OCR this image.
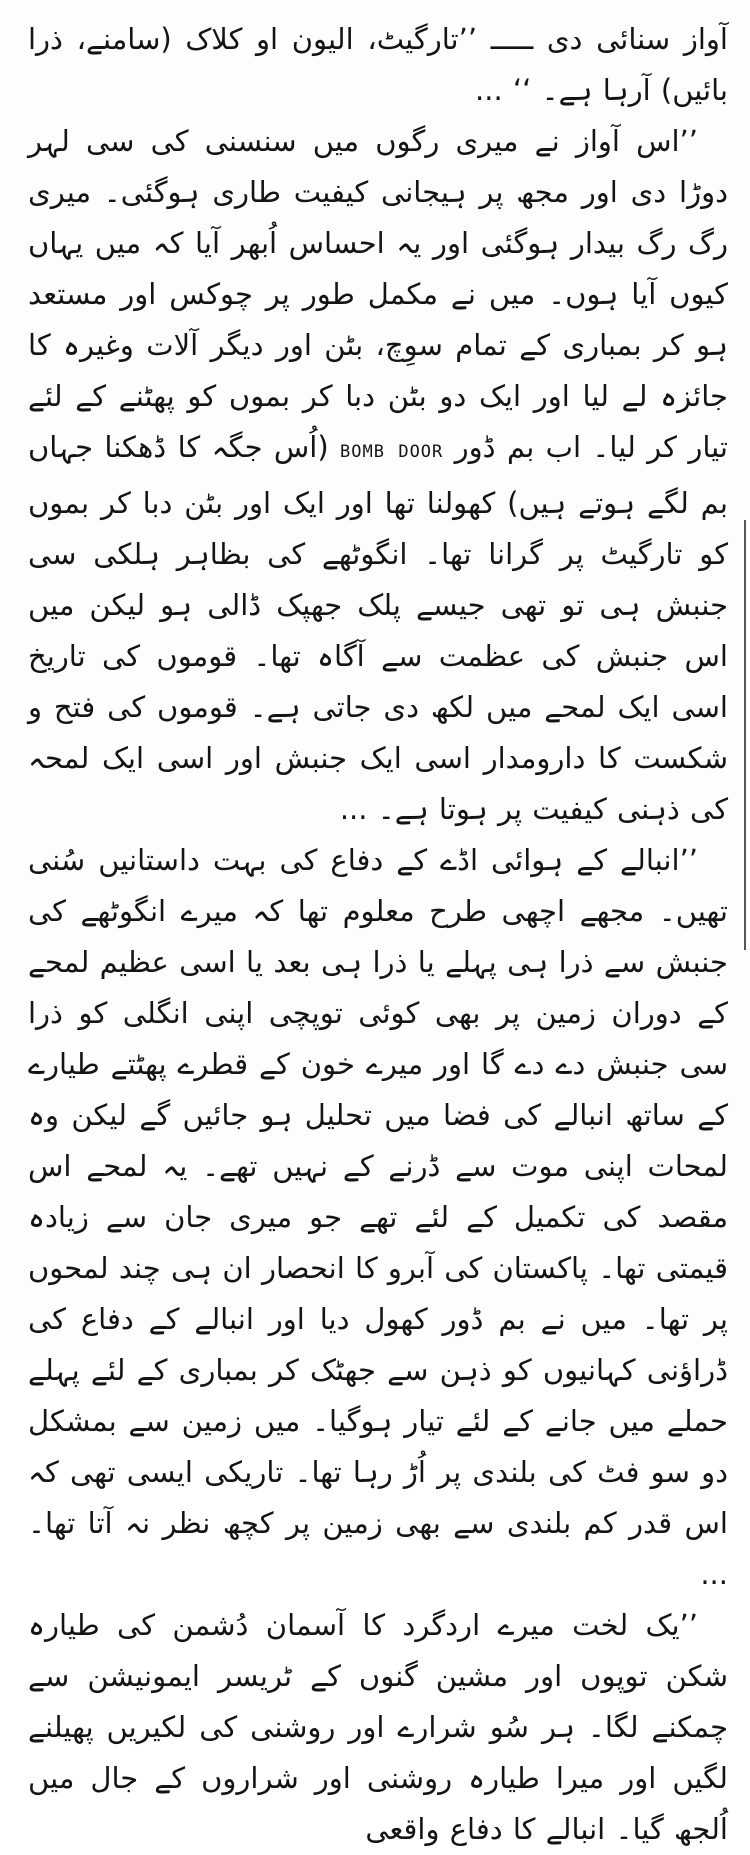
آواز سنائی دی ـــــ ’’تارگیٹ، الیون او کلاک (سامنے، ذرا بائیں) آرہا ہے۔ ‘‘ ...

’’اس آواز نے میری رگوں میں سنسنی کی سی لہر دوڑا دی اور مجھ پر ہیجانی کیفیت طاری ہوگئی۔ میری رگ رگ بیدار ہوگئی اور یہ احساس اُبھر آیا کہ میں یہاں کیوں آیا ہوں۔ میں نے مکمل طور پر چوکس اور مستعد ہو کر بمباری کے تمام سوِچ، بٹن اور دیگر آلات وغیرہ کا جائزہ لے لیا اور ایک دو بٹن دبا کر بموں کو پھٹنے کے لئے تیار کر لیا۔ اب بم ڈور BOMB DOOR (اُس جگہ کا ڈھکنا جہاں بم لگے ہوتے ہیں) کھولنا تھا اور ایک اور بٹن دبا کر بموں کو تارگیٹ پر گرانا تھا۔ انگوٹھے کی بظاہر ہلکی سی جنبش ہی تو تھی جیسے پلک جھپک ڈالی ہو لیکن میں اس جنبش کی عظمت سے آگاہ تھا۔ قوموں کی تاریخ اسی ایک لمحے میں لکھ دی جاتی ہے۔ قوموں کی فتح و شکست کا دارومدار اسی ایک جنبش اور اسی ایک لمحہ کی ذہنی کیفیت پر ہوتا ہے۔ ...

’’انبالے کے ہوائی اڈے کے دفاع کی بہت داستانیں سُنی تھیں۔ مجھے اچھی طرح معلوم تھا کہ میرے انگوٹھے کی جنبش سے ذرا ہی پہلے یا ذرا ہی بعد یا اسی عظیم لمحے کے دوران زمین پر بھی کوئی توپچی اپنی انگلی کو ذرا سی جنبش دے دے گا اور میرے خون کے قطرے پھٹتے طیارے کے ساتھ انبالے کی فضا میں تحلیل ہو جائیں گے لیکن وہ لمحات اپنی موت سے ڈرنے کے نہیں تھے۔ یہ لمحے اس مقصد کی تکمیل کے لئے تھے جو میری جان سے زیادہ قیمتی تھا۔ پاکستان کی آبرو کا انحصار ان ہی چند لمحوں پر تھا۔ میں نے بم ڈور کھول دیا اور انبالے کے دفاع کی ڈراؤنی کہانیوں کو ذہن سے جھٹک کر بمباری کے لئے پہلے حملے میں جانے کے لئے تیار ہوگیا۔ میں زمین سے بمشکل دو سو فٹ کی بلندی پر اُڑ رہا تھا۔ تاریکی ایسی تھی کہ اس قدر کم بلندی سے بھی زمین پر کچھ نظر نہ آتا تھا۔ ...

’’یک لخت میرے اردگرد کا آسمان دُشمن کی طیارہ شکن توپوں اور مشین گنوں کے ٹریسر ایمونیشن سے چمکنے لگا۔ ہر سُو شرارے اور روشنی کی لکیریں پھیلنے لگیں اور میرا طیارہ روشنی اور شراروں کے جال میں اُلجھ گیا۔ انبالے کا دفاع واقعی
